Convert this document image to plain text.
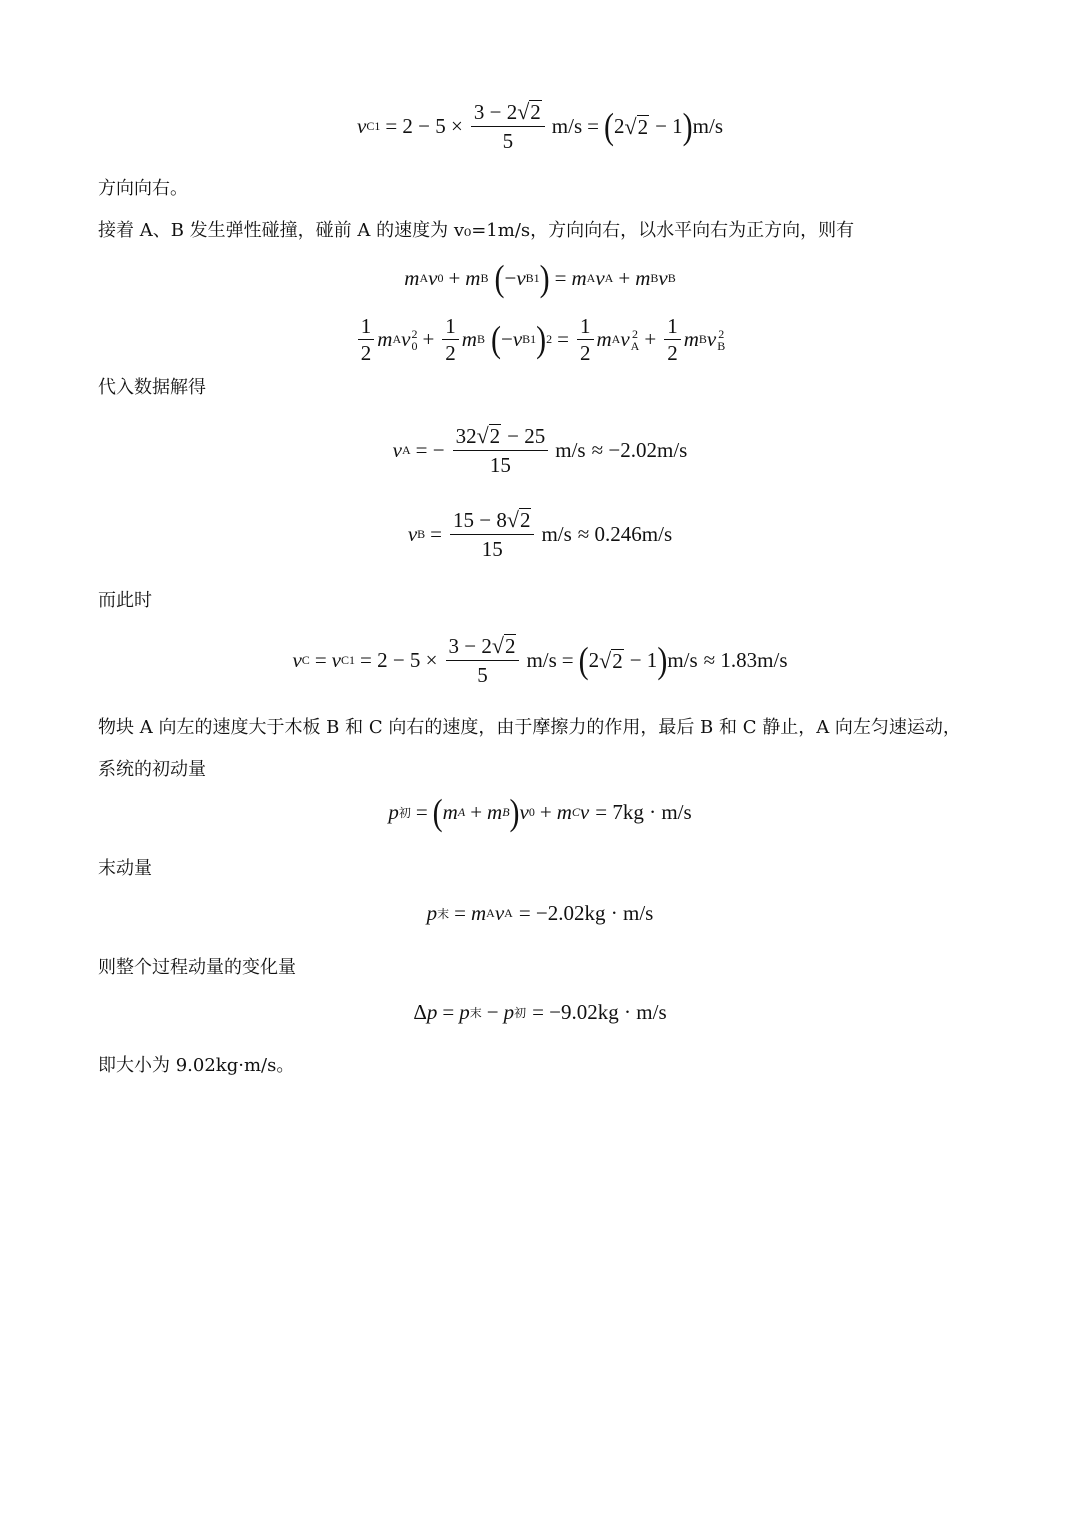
v $C1 = 2 - 5 \times \frac{3 - 2 √ 2}{5} m/s$ = ( 2 √ 2 − 1 ) m/s
方向向右。
接着 A、B 发生弹性碰撞，碰前 A 的速度为 v₀=1m/s，方向向右，以水平向右为正方向，则有
m A v 0 + m B ( − v B1 ) = m A v A + m B v B
$\frac{1}{2}$ m A v 2
$0 + \frac{1}{2}$ m B ( − v B1 ) $2 = \frac{1}{2}$ m A v 2
$A + \frac{1}{2}$ m B v 2
B
代入数据解得
v A = − $\frac{32 √ 2 - 25}{15} m/s \approx -2.02m/s$
v $B = \frac{15 - 8 √ 2}{15} m/s \approx 0.246m/s$
而此时
v C = v $C1 = 2 - 5 \times \frac{3 - 2 √ 2}{5} m/s$ = ( 2 √ 2 − 1 ) m/s ≈ 1.83m/s
物块 A 向左的速度大于木板 B 和 C 向右的速度，由于摩擦力的作用，最后 B 和 C 静止，A 向左匀速运动，
系统的初动量
p 初 = ( m A + m B ) v 0 + m C v = 7kg · m/s
末动量
p 末 = m A v A = −2.02kg · m/s
则整个过程动量的变化量
Δ p = p 末 − p 初 = −9.02kg · m/s
即大小为 9.02kg·m/s。
